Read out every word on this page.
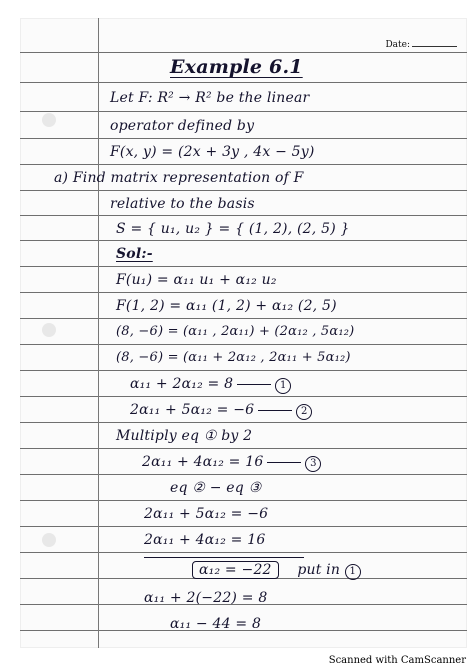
Date:
Example 6.1
Let F: R² → R² be the linear
operator defined by
F(x, y) = (2x + 3y , 4x − 5y)
a) Find matrix representation of F
relative to the basis
S = { u₁, u₂ } = { (1, 2), (2, 5) }
Sol:-
F(u₁) = α₁₁ u₁ + α₁₂ u₂
F(1, 2) = α₁₁ (1, 2) + α₁₂ (2, 5)
(8, −6) = (α₁₁ , 2α₁₁) + (2α₁₂ , 5α₁₂)
(8, −6) = (α₁₁ + 2α₁₂ , 2α₁₁ + 5α₁₂)
α₁₁ + 2α₁₂ = 8	1
2α₁₁ + 5α₁₂ = −6	2
Multiply eq ① by 2
2α₁₁ + 4α₁₂ = 16	3
eq ② − eq ③
2α₁₁ + 5α₁₂ = −6
2α₁₁ + 4α₁₂ = 16
α₁₂ = −22 put in 1
α₁₁ + 2(−22) = 8
α₁₁ − 44 = 8
Scanned with CamScanner
